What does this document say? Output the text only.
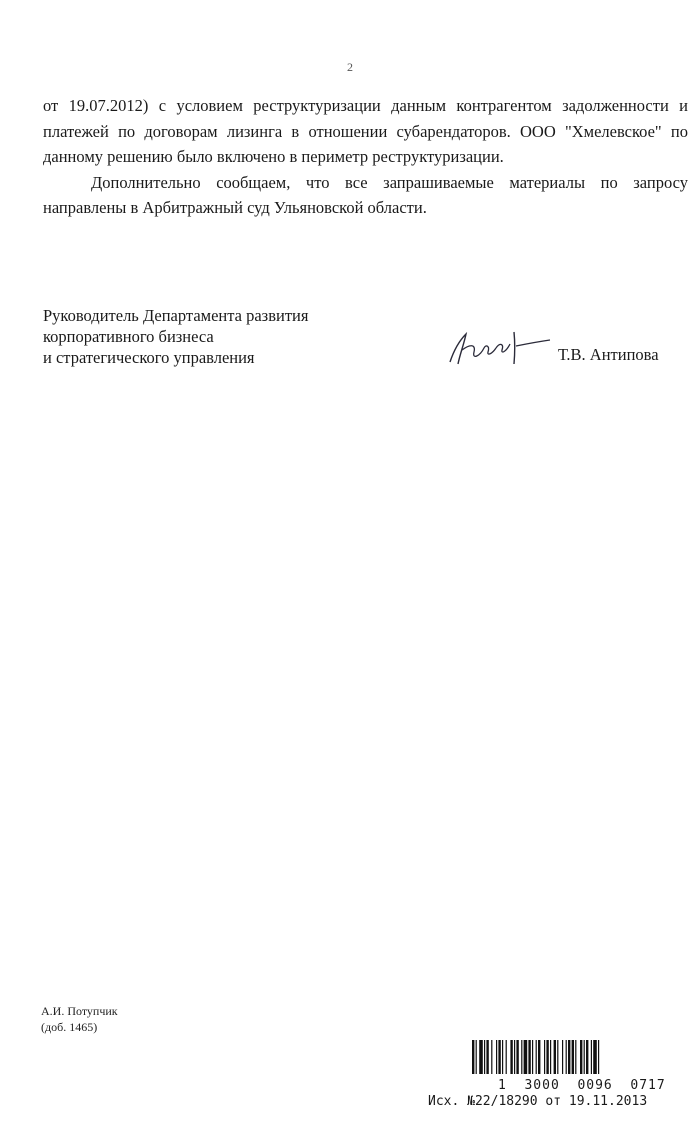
2

от 19.07.2012) с условием реструктуризации данным контрагентом задолженности и платежей по договорам лизинга в отношении субарендаторов. ООО "Хмелевское" по данному решению было включено в периметр реструктуризации.

Дополнительно сообщаем, что все запрашиваемые материалы по запросу направлены в Арбитражный суд Ульяновской области.

Руководитель Департамента развития
корпоративного бизнеса
и стратегического управления	Т.В. Антипова
А.И. Потупчик
(доб. 1465)
1  3000  0096  0717
Исх. №22/18290 от 19.11.2013
